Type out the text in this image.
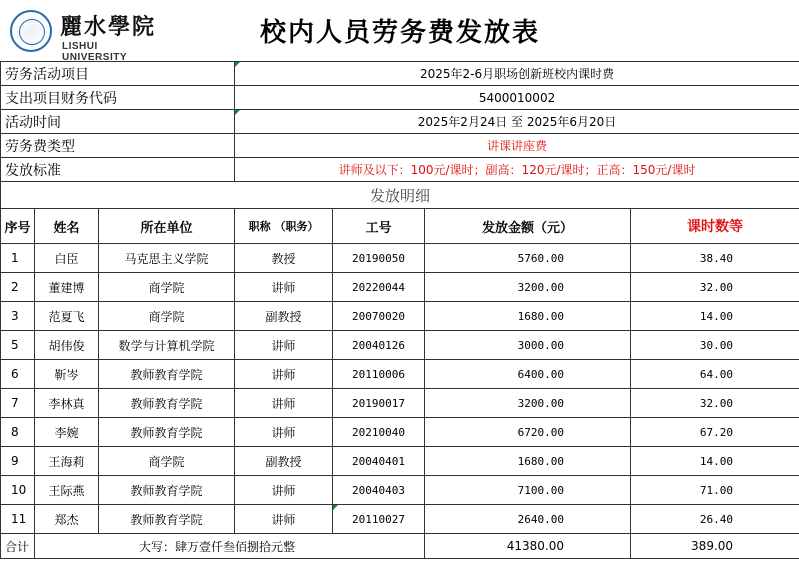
麗水學院
LISHUI UNIVERSITY
校内人员劳务费发放表
劳务活动项目			2025年2-6月职场创新班校内课时费			
支出项目财务代码			5400010002			
活动时间			2025年2月24日 至 2025年6月20日			
劳务费类型			讲课讲座费			
发放标准			讲师及以下：100元/课时；副高：120元/课时；正高：150元/课时			
发放明细						
序号	姓名	所在单位	职称 （职务）	工号	发放金额（元）	课时数等
1	白臣	马克思主义学院	教授	20190050	5760.00	38.40
2	董建博	商学院	讲师	20220044	3200.00	32.00
3	范夏飞	商学院	副教授	20070020	1680.00	14.00
5	胡伟俊	数学与计算机学院	讲师	20040126	3000.00	30.00
6	靳岑	教师教育学院	讲师	20110006	6400.00	64.00
7	李林真	教师教育学院	讲师	20190017	3200.00	32.00
8	李婉	教师教育学院	讲师	20210040	6720.00	67.20
9	王海莉	商学院	副教授	20040401	1680.00	14.00
10	王际燕	教师教育学院	讲师	20040403	7100.00	71.00
11	郑杰	教师教育学院	讲师	20110027	2640.00	26.40
合计	大写：肆万壹仟叁佰捌拾元整				41380.00	389.00
